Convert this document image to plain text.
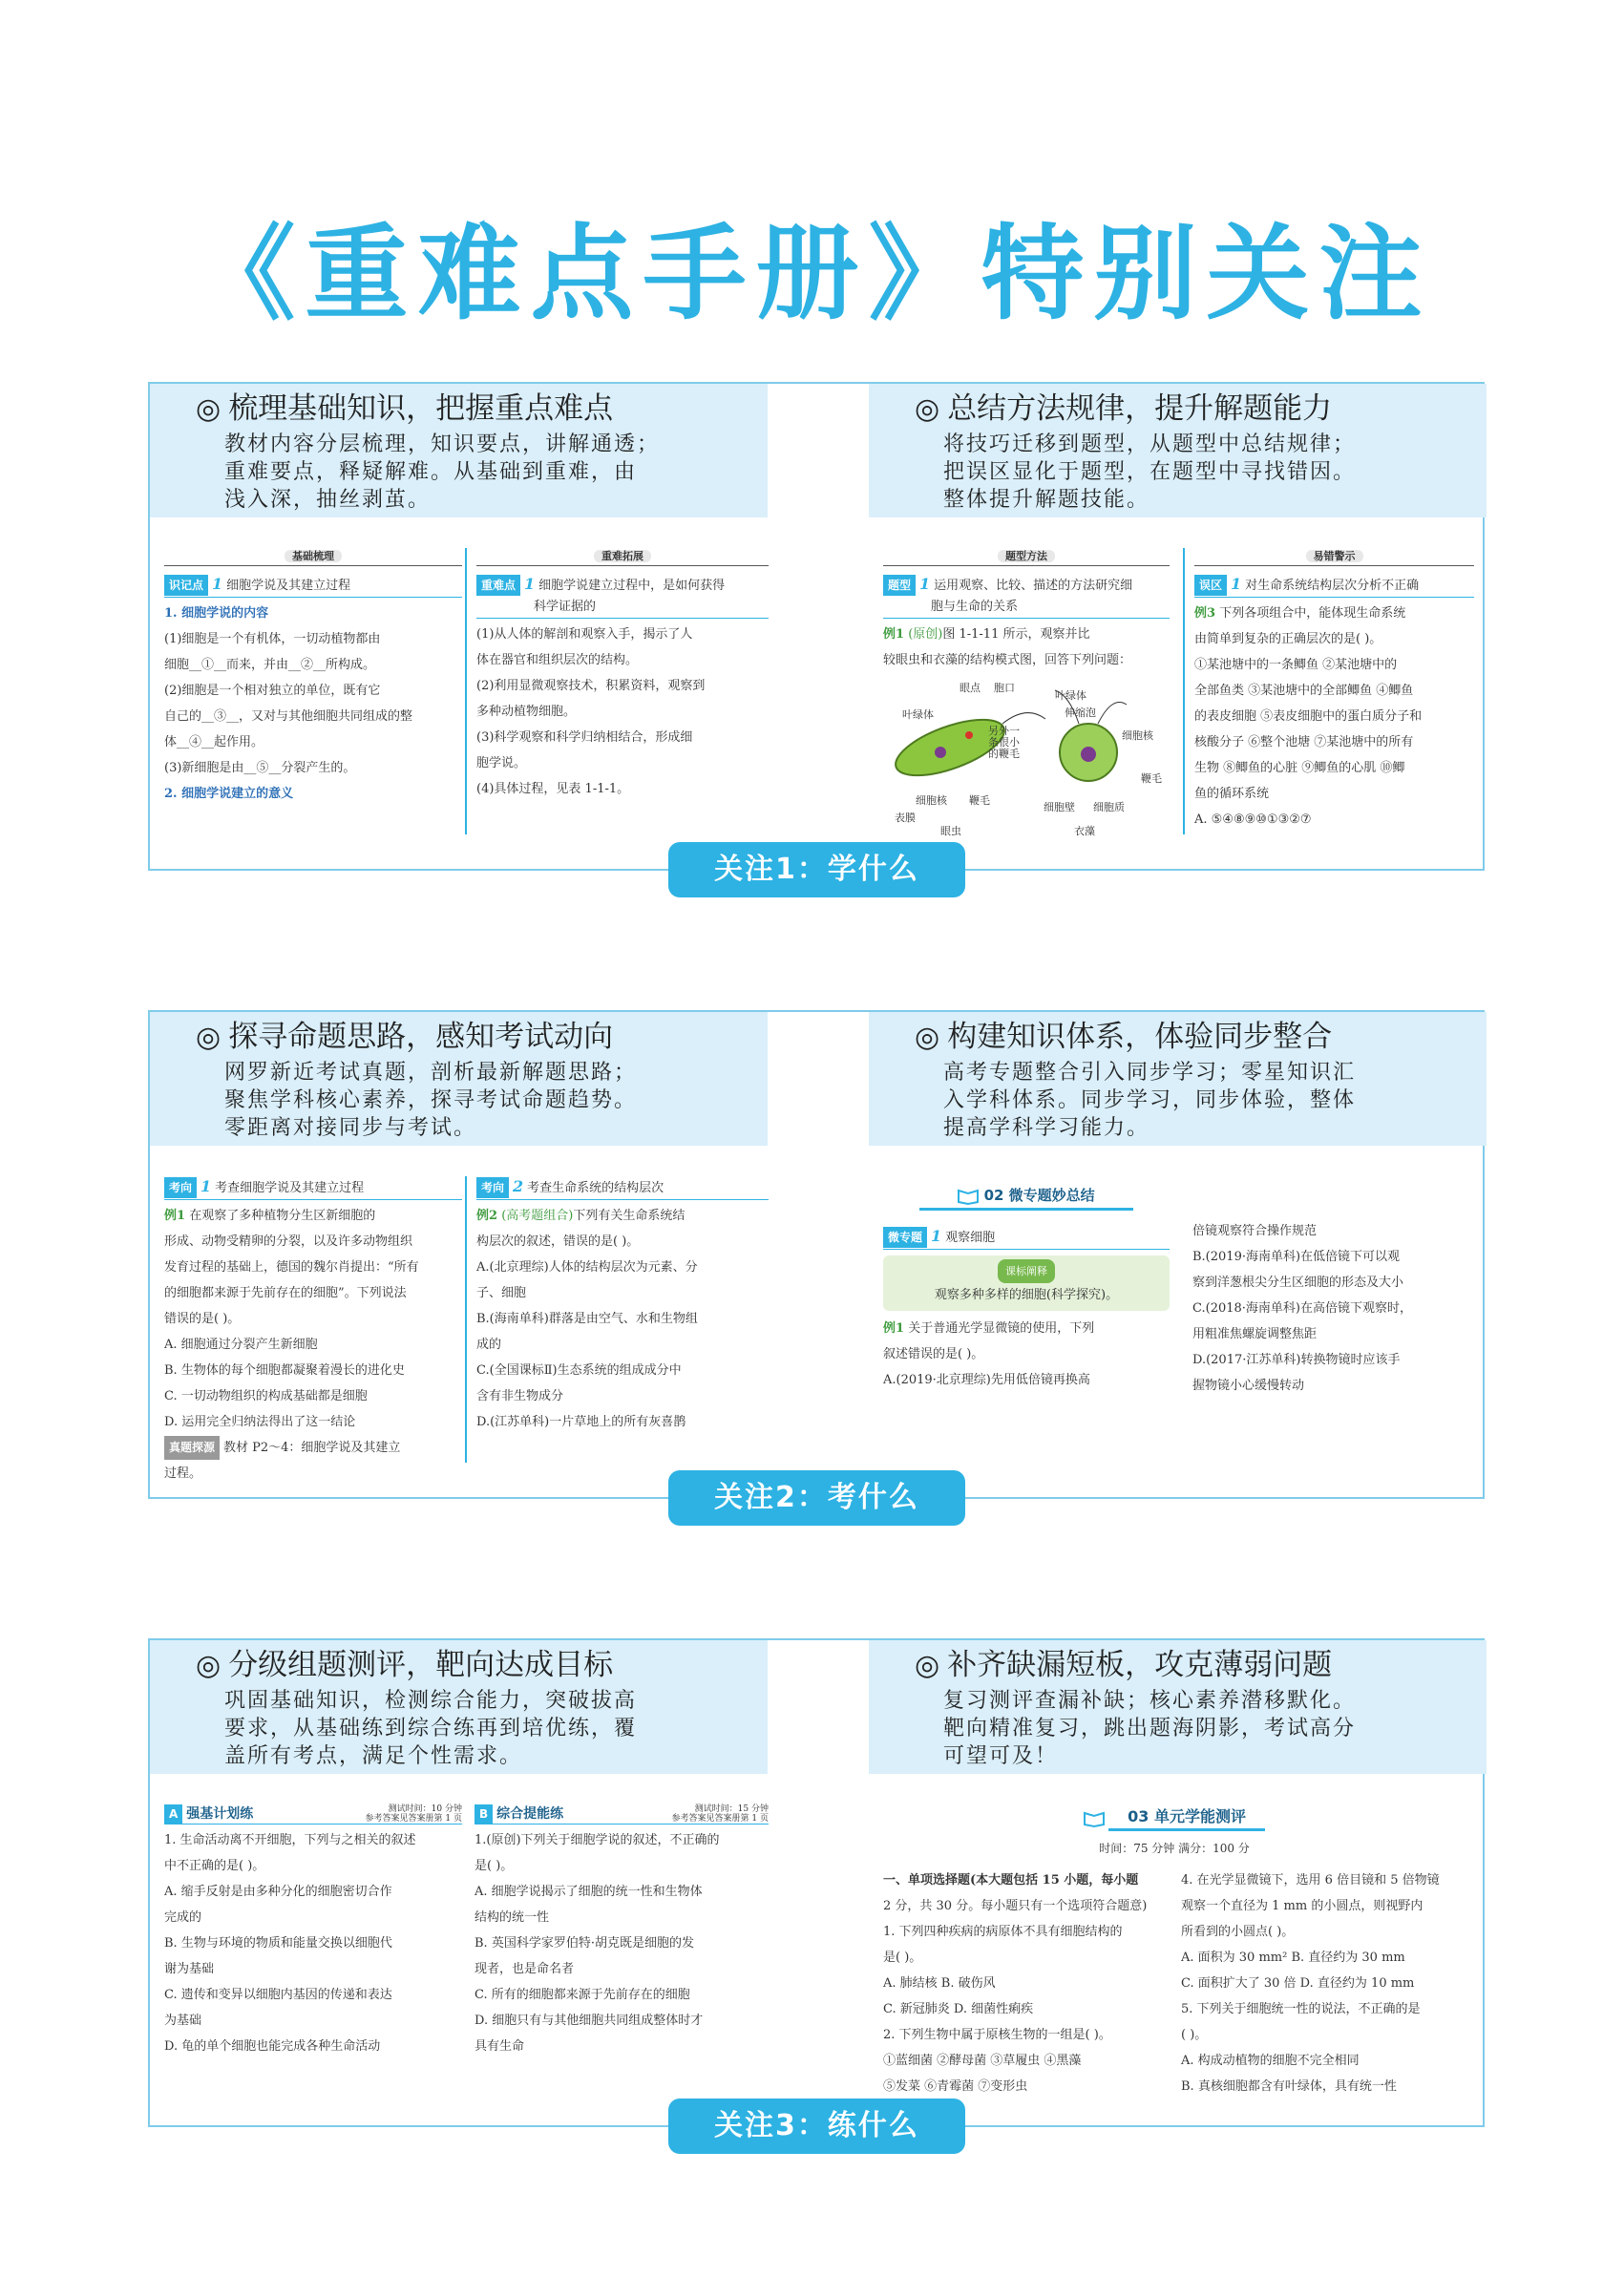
《重难点手册》特别关注
◎ 梳理基础知识，把握重点难点
教材内容分层梳理，知识要点，讲解通透；
重难要点，释疑解难。从基础到重难，由
浅入深，抽丝剥茧。
◎ 总结方法规律，提升解题能力
将技巧迁移到题型，从题型中总结规律；
把误区显化于题型，在题型中寻找错因。
整体提升解题技能。
基础梳理
识记点 1 细胞学说及其建立过程
1. 细胞学说的内容
(1)细胞是一个有机体，一切动植物都由
细胞__①__而来，并由__②__所构成。
(2)细胞是一个相对独立的单位，既有它
自己的__③__，又对与其他细胞共同组成的整
体__④__起作用。
(3)新细胞是由__⑤__分裂产生的。
2. 细胞学说建立的意义
重难拓展
重难点 1 细胞学说建立过程中，是如何获得
科学证据的
(1)从人体的解剖和观察入手，揭示了人
体在器官和组织层次的结构。
(2)利用显微观察技术，积累资料，观察到
多种动植物细胞。
(3)科学观察和科学归纳相结合，形成细
胞学说。
(4)具体过程，见表 1-1-1。
题型方法
题型 1 运用观察、比较、描述的方法研究细
胞与生命的关系
例1 (原创)图 1-1-11 所示，观察并比
较眼虫和衣藻的结构模式图，回答下列问题：
眼点 胞口
叶绿体
叶绿体
细胞核
伸缩泡
另外一条很小的鞭毛
细胞核
鞭毛
表膜
细胞壁
鞭毛
细胞质
眼虫	衣藻
易错警示
误区 1 对生命系统结构层次分析不正确
例3 下列各项组合中，能体现生命系统
由简单到复杂的正确层次的是( )。
①某池塘中的一条鲫鱼 ②某池塘中的
全部鱼类 ③某池塘中的全部鲫鱼 ④鲫鱼
的表皮细胞 ⑤表皮细胞中的蛋白质分子和
核酸分子 ⑥整个池塘 ⑦某池塘中的所有
生物 ⑧鲫鱼的心脏 ⑨鲫鱼的心肌 ⑩鲫
鱼的循环系统
A. ⑤④⑧⑨⑩①③②⑦
关注1：学什么
◎ 探寻命题思路，感知考试动向
网罗新近考试真题，剖析最新解题思路；
聚焦学科核心素养，探寻考试命题趋势。
零距离对接同步与考试。
◎ 构建知识体系，体验同步整合
高考专题整合引入同步学习；零星知识汇
入学科体系。同步学习，同步体验，整体
提高学科学习能力。
考向 1 考查细胞学说及其建立过程
例1 在观察了多种植物分生区新细胞的
形成、动物受精卵的分裂，以及许多动物组织
发育过程的基础上，德国的魏尔肖提出：“所有
的细胞都来源于先前存在的细胞”。下列说法
错误的是( )。
A. 细胞通过分裂产生新细胞
B. 生物体的每个细胞都凝聚着漫长的进化史
C. 一切动物组织的构成基础都是细胞
D. 运用完全归纳法得出了这一结论
真题探源 教材 P2～4：细胞学说及其建立
过程。
考向 2 考查生命系统的结构层次
例2 (高考题组合)下列有关生命系统结
构层次的叙述，错误的是( )。
A.(北京理综)人体的结构层次为元素、分
子、细胞
B.(海南单科)群落是由空气、水和生物组
成的
C.(全国课标Ⅱ)生态系统的组成成分中
含有非生物成分
D.(江苏单科)一片草地上的所有灰喜鹊
02 微专题妙总结
微专题 1 观察细胞
课标阐释
观察多种多样的细胞(科学探究)。
例1 关于普通光学显微镜的使用，下列
叙述错误的是( )。
A.(2019·北京理综)先用低倍镜再换高
倍镜观察符合操作规范
B.(2019·海南单科)在低倍镜下可以观
察到洋葱根尖分生区细胞的形态及大小
C.(2018·海南单科)在高倍镜下观察时，
用粗准焦螺旋调整焦距
D.(2017·江苏单科)转换物镜时应该手
握物镜小心缓慢转动
关注2：考什么
◎ 分级组题测评，靶向达成目标
巩固基础知识，检测综合能力，突破拔高
要求，从基础练到综合练再到培优练，覆
盖所有考点，满足个性需求。
◎ 补齐缺漏短板，攻克薄弱问题
复习测评查漏补缺；核心素养潜移默化。
靶向精准复习，跳出题海阴影，考试高分
可望可及！
A 强基计划练	测试时间：10 分钟
参考答案见答案册第 1 页
1. 生命活动离不开细胞，下列与之相关的叙述
中不正确的是( )。
A. 缩手反射是由多种分化的细胞密切合作
完成的
B. 生物与环境的物质和能量交换以细胞代
谢为基础
C. 遗传和变异以细胞内基因的传递和表达
为基础
D. 龟的单个细胞也能完成各种生命活动
B 综合提能练	测试时间：15 分钟
参考答案见答案册第 1 页
1.(原创)下列关于细胞学说的叙述，不正确的
是( )。
A. 细胞学说揭示了细胞的统一性和生物体
结构的统一性
B. 英国科学家罗伯特·胡克既是细胞的发
现者，也是命名者
C. 所有的细胞都来源于先前存在的细胞
D. 细胞只有与其他细胞共同组成整体时才
具有生命
03 单元学能测评
时间：75 分钟 满分：100 分
一、单项选择题(本大题包括 15 小题，每小题
2 分，共 30 分。每小题只有一个选项符合题意)
1. 下列四种疾病的病原体不具有细胞结构的
是( )。
A. 肺结核 B. 破伤风
C. 新冠肺炎 D. 细菌性痢疾
2. 下列生物中属于原核生物的一组是( )。
①蓝细菌 ②酵母菌 ③草履虫 ④黑藻
⑤发菜 ⑥青霉菌 ⑦变形虫
4. 在光学显微镜下，选用 6 倍目镜和 5 倍物镜
观察一个直径为 1 mm 的小圆点，则视野内
所看到的小圆点( )。
A. 面积为 30 mm² B. 直径约为 30 mm
C. 面积扩大了 30 倍 D. 直径约为 10 mm
5. 下列关于细胞统一性的说法，不正确的是
( )。
A. 构成动植物的细胞不完全相同
B. 真核细胞都含有叶绿体，具有统一性
关注3：练什么
